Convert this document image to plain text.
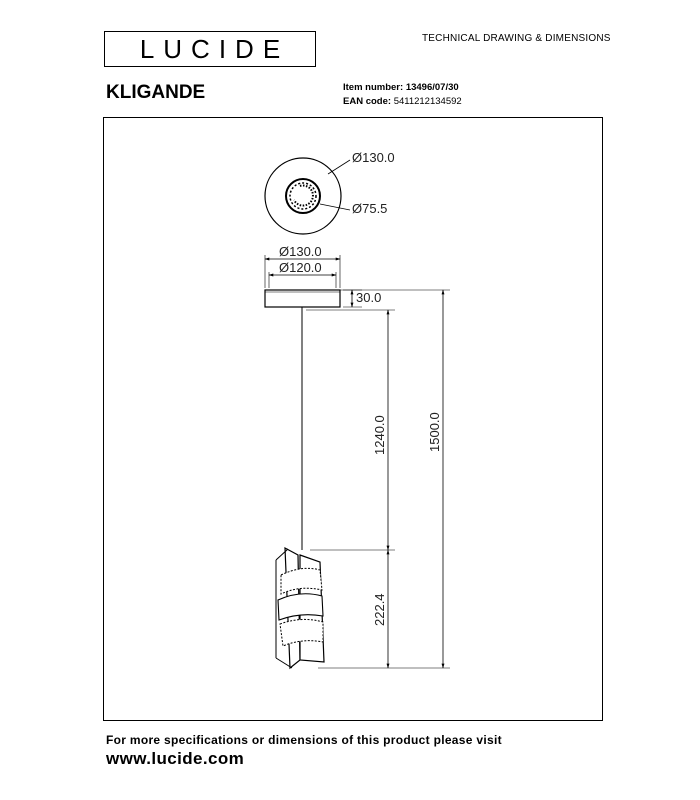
LUCIDE	TECHNICAL DRAWING & DIMENSIONS
KLIGANDE	Item number: 13496/07/30
EAN code: 5411212134592
Ø130.0
Ø75.5
Ø130.0
Ø120.0
30.0
1240.0	1500.0
222.4
For more specifications or dimensions of this product please visit
www.lucide.com
